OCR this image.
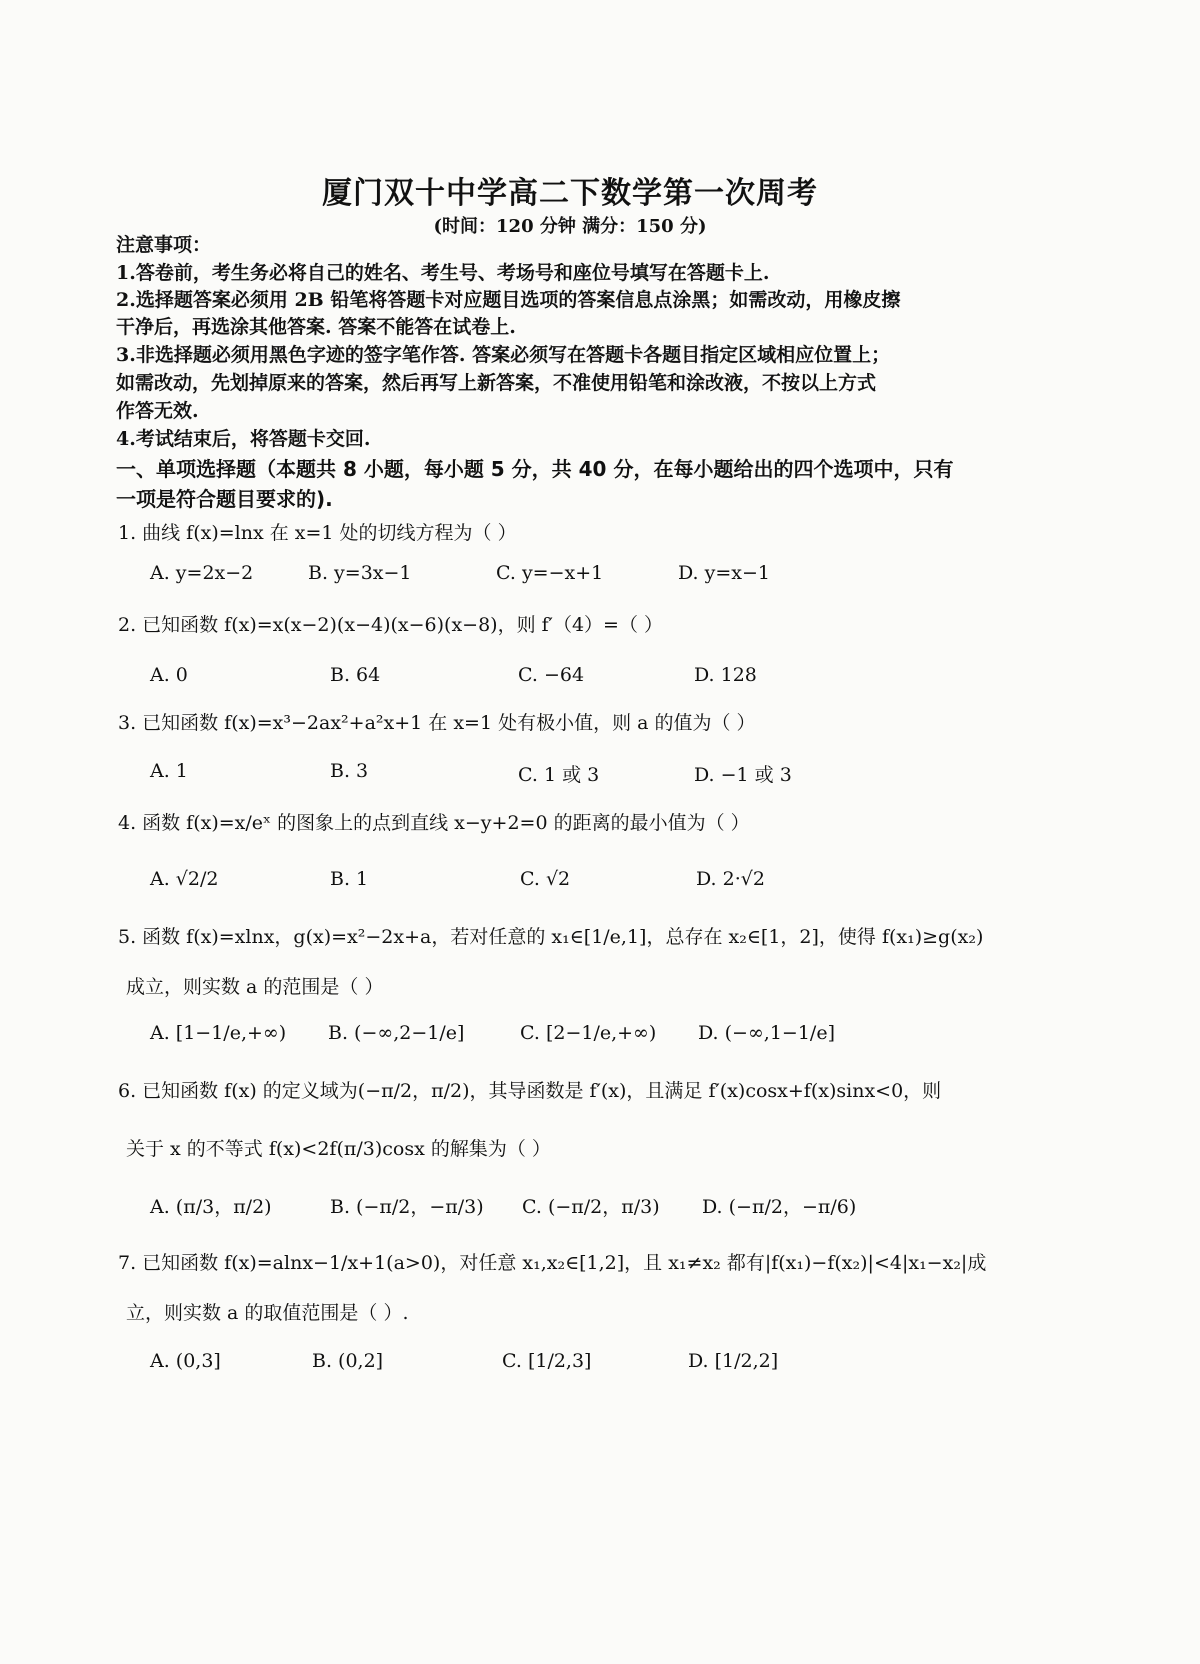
厦门双十中学高二下数学第一次周考
(时间：120 分钟 满分：150 分)
注意事项：
1.答卷前，考生务必将自己的姓名、考生号、考场号和座位号填写在答题卡上.
2.选择题答案必须用 2B 铅笔将答题卡对应题目选项的答案信息点涂黑；如需改动，用橡皮擦
干净后，再选涂其他答案. 答案不能答在试卷上.
3.非选择题必须用黑色字迹的签字笔作答. 答案必须写在答题卡各题目指定区域相应位置上；
如需改动，先划掉原来的答案，然后再写上新答案，不准使用铅笔和涂改液，不按以上方式
作答无效.
4.考试结束后，将答题卡交回.
一、单项选择题（本题共 8 小题，每小题 5 分，共 40 分，在每小题给出的四个选项中，只有
一项是符合题目要求的).
1. 曲线 f(x)=lnx 在 x=1 处的切线方程为（ ）
A. y=2x−2	B. y=3x−1	C. y=−x+1	D. y=x−1
2. 已知函数 f(x)=x(x−2)(x−4)(x−6)(x−8)，则 f′（4）=（ ）
A. 0	B. 64	C. −64	D. 128
3. 已知函数 f(x)=x³−2ax²+a²x+1 在 x=1 处有极小值，则 a 的值为（ ）
A. 1	B. 3	C. 1 或 3	D. −1 或 3
4. 函数 f(x)=x/eˣ 的图象上的点到直线 x−y+2=0 的距离的最小值为（ ）
A. √2/2	B. 1	C. √2	D. 2·√2
5. 函数 f(x)=xlnx，g(x)=x²−2x+a，若对任意的 x₁∈[1/e,1]，总存在 x₂∈[1，2]，使得 f(x₁)≥g(x₂)
成立，则实数 a 的范围是（ ）
A. [1−1/e,+∞) B. (−∞,2−1/e]	C. [2−1/e,+∞) D. (−∞,1−1/e]
6. 已知函数 f(x) 的定义域为(−π/2，π/2)，其导函数是 f′(x)，且满足 f′(x)cosx+f(x)sinx<0，则
关于 x 的不等式 f(x)<2f(π/3)cosx 的解集为（ ）
A. (π/3，π/2)	B. (−π/2，−π/3) C. (−π/2，π/3) D. (−π/2，−π/6)
7. 已知函数 f(x)=alnx−1/x+1(a>0)，对任意 x₁,x₂∈[1,2]，且 x₁≠x₂ 都有|f(x₁)−f(x₂)|<4|x₁−x₂|成
立，则实数 a 的取值范围是（ ）.
A. (0,3]	B. (0,2]	C. [1/2,3]	D. [1/2,2]
